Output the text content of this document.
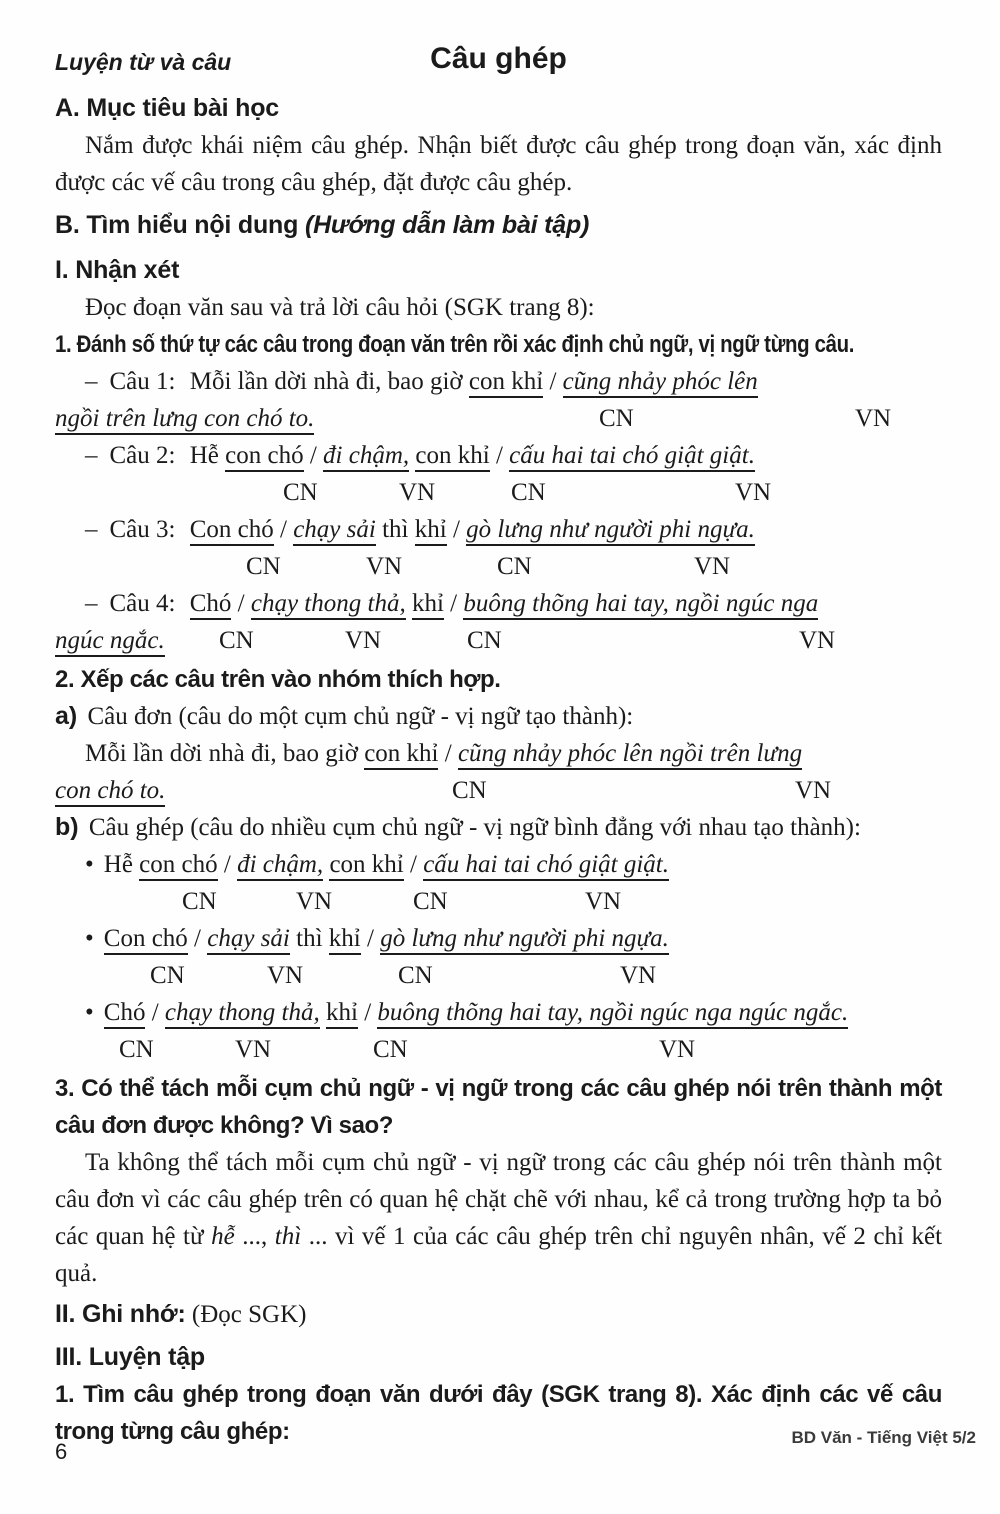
Luyện từ và câu	Câu ghép
A. Mục tiêu bài học

Nắm được khái niệm câu ghép. Nhận biết được câu ghép trong đoạn văn, xác định được các vế câu trong câu ghép, đặt được câu ghép.

B. Tìm hiểu nội dung (Hướng dẫn làm bài tập)
I. Nhận xét

Đọc đoạn văn sau và trả lời câu hỏi (SGK trang 8):

1. Đánh số thứ tự các câu trong đoạn văn trên rồi xác định chủ ngữ, vị ngữ từng câu.
– Câu 1: Mỗi lần dời nhà đi, bao giờ con khỉ / cũng nhảy phóc lên
ngồi trên lưng con chó to.	CN	VN
– Câu 2: Hễ con chó / đi chậm, con khỉ / cấu hai tai chó giật giật.
CN	VN	CN	VN
– Câu 3: Con chó / chạy sải thì khỉ / gò lưng như người phi ngựa.
CN	VN	CN	VN
– Câu 4: Chó / chạy thong thả, khỉ / buông thõng hai tay, ngồi ngúc nga
ngúc ngắc. CN	VN	CN	VN
2. Xếp các câu trên vào nhóm thích hợp.
a) Câu đơn (câu do một cụm chủ ngữ - vị ngữ tạo thành):
Mỗi lần dời nhà đi, bao giờ con khỉ / cũng nhảy phóc lên ngồi trên lưng
con chó to.	CN	VN
b) Câu ghép (câu do nhiều cụm chủ ngữ - vị ngữ bình đẳng với nhau tạo thành):
• Hễ con chó / đi chậm, con khỉ / cấu hai tai chó giật giật.
CN	VN	CN	VN
• Con chó / chạy sải thì khỉ / gò lưng như người phi ngựa.
CN	VN	CN	VN
• Chó / chạy thong thả, khỉ / buông thõng hai tay, ngồi ngúc nga ngúc ngắc.
CN	VN	CN	VN
3. Có thể tách mỗi cụm chủ ngữ - vị ngữ trong các câu ghép nói trên thành một câu đơn được không? Vì sao?

Ta không thể tách mỗi cụm chủ ngữ - vị ngữ trong các câu ghép nói trên thành một câu đơn vì các câu ghép trên có quan hệ chặt chẽ với nhau, kể cả trong trường hợp ta bỏ các quan hệ từ hễ ..., thì ... vì vế 1 của các câu ghép trên chỉ nguyên nhân, vế 2 chỉ kết quả.

II. Ghi nhớ: (Đọc SGK)
III. Luyện tập
1. Tìm câu ghép trong đoạn văn dưới đây (SGK trang 8). Xác định các vế câu trong từng câu ghép:
6
BD Văn - Tiếng Việt 5/2
